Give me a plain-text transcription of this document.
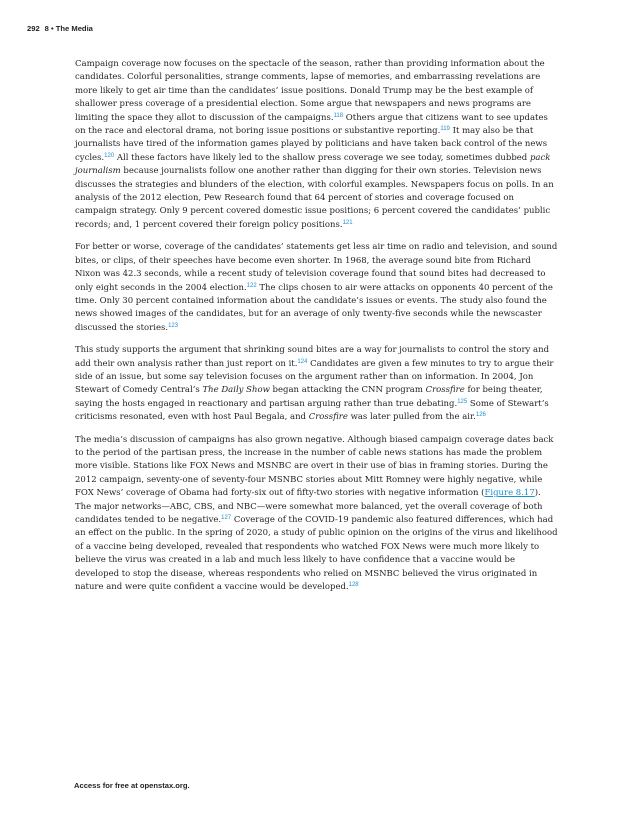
292 8 • The Media

Campaign coverage now focuses on the spectacle of the season, rather than providing information about the candidates. Colorful personalities, strange comments, lapse of memories, and embarrassing revelations are more likely to get air time than the candidates’ issue positions. Donald Trump may be the best example of shallower press coverage of a presidential election. Some argue that newspapers and news programs are limiting the space they allot to discussion of the campaigns.$^{118}$ Others argue that citizens want to see updates on the race and electoral drama, not boring issue positions or substantive reporting.$^{119}$ It may also be that journalists have tired of the information games played by politicians and have taken back control of the news cycles.$^{120}$ All these factors have likely led to the shallow press coverage we see today, sometimes dubbed pack journalism because journalists follow one another rather than digging for their own stories. Television news discusses the strategies and blunders of the election, with colorful examples. Newspapers focus on polls. In an analysis of the 2012 election, Pew Research found that 64 percent of stories and coverage focused on campaign strategy. Only 9 percent covered domestic issue positions; 6 percent covered the candidates’ public records; and, 1 percent covered their foreign policy positions.$^{121}$

For better or worse, coverage of the candidates’ statements get less air time on radio and television, and sound bites, or clips, of their speeches have become even shorter. In 1968, the average sound bite from Richard Nixon was 42.3 seconds, while a recent study of television coverage found that sound bites had decreased to only eight seconds in the 2004 election.$^{122}$ The clips chosen to air were attacks on opponents 40 percent of the time. Only 30 percent contained information about the candidate’s issues or events. The study also found the news showed images of the candidates, but for an average of only twenty-five seconds while the newscaster discussed the stories.$^{123}$

This study supports the argument that shrinking sound bites are a way for journalists to control the story and add their own analysis rather than just report on it.$^{124}$ Candidates are given a few minutes to try to argue their side of an issue, but some say television focuses on the argument rather than on information. In 2004, Jon Stewart of Comedy Central’s The Daily Show began attacking the CNN program Crossfire for being theater, saying the hosts engaged in reactionary and partisan arguing rather than true debating.$^{125}$ Some of Stewart’s criticisms resonated, even with host Paul Begala, and Crossfire was later pulled from the air.$^{126}$

The media’s discussion of campaigns has also grown negative. Although biased campaign coverage dates back to the period of the partisan press, the increase in the number of cable news stations has made the problem more visible. Stations like FOX News and MSNBC are overt in their use of bias in framing stories. During the 2012 campaign, seventy-one of seventy-four MSNBC stories about Mitt Romney were highly negative, while FOX News’ coverage of Obama had forty-six out of fifty-two stories with negative information (Figure 8.17). The major networks—ABC, CBS, and NBC—were somewhat more balanced, yet the overall coverage of both candidates tended to be negative.$^{127}$ Coverage of the COVID-19 pandemic also featured differences, which had an effect on the public. In the spring of 2020, a study of public opinion on the origins of the virus and likelihood of a vaccine being developed, revealed that respondents who watched FOX News were much more likely to believe the virus was created in a lab and much less likely to have confidence that a vaccine would be developed to stop the disease, whereas respondents who relied on MSNBC believed the virus originated in nature and were quite confident a vaccine would be developed.$^{128}$

Access for free at openstax.org.
